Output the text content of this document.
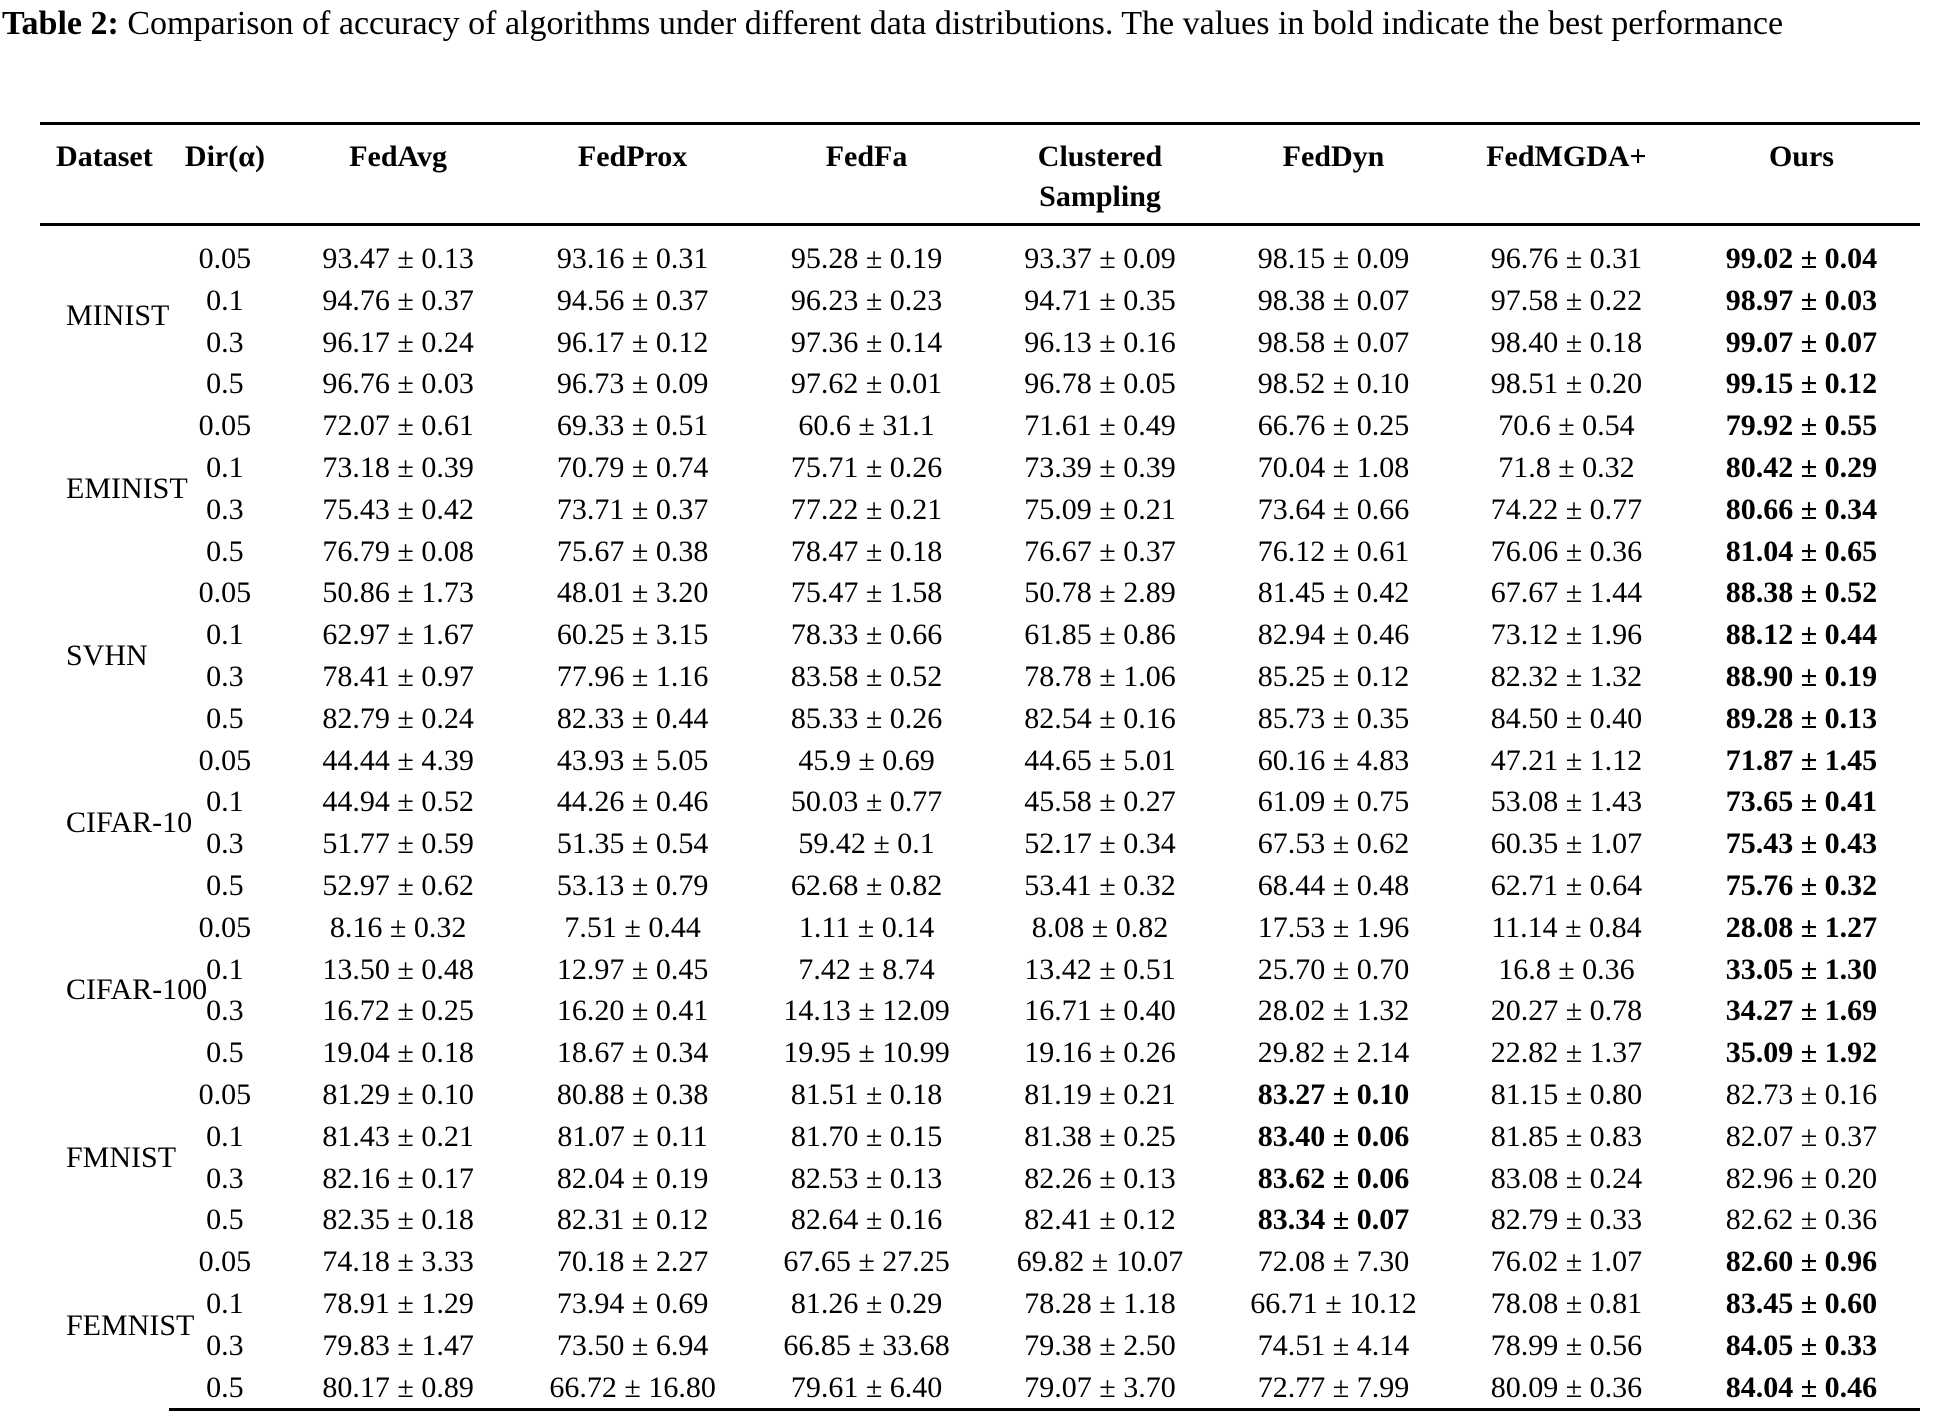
Table 2: Comparison of accuracy of algorithms under different data distributions. The values in bold indicate the best performance
Dataset	Dir(α)	FedAvg	FedProx	FedFa	Clustered Sampling	FedDyn	FedMGDA+	Ours
MINIST	0.05	93.47 ± 0.13	93.16 ± 0.31	95.28 ± 0.19	93.37 ± 0.09	98.15 ± 0.09	96.76 ± 0.31	99.02 ± 0.04
	0.1	94.76 ± 0.37	94.56 ± 0.37	96.23 ± 0.23	94.71 ± 0.35	98.38 ± 0.07	97.58 ± 0.22	98.97 ± 0.03
	0.3	96.17 ± 0.24	96.17 ± 0.12	97.36 ± 0.14	96.13 ± 0.16	98.58 ± 0.07	98.40 ± 0.18	99.07 ± 0.07
	0.5	96.76 ± 0.03	96.73 ± 0.09	97.62 ± 0.01	96.78 ± 0.05	98.52 ± 0.10	98.51 ± 0.20	99.15 ± 0.12
EMINIST	0.05	72.07 ± 0.61	69.33 ± 0.51	60.6 ± 31.1	71.61 ± 0.49	66.76 ± 0.25	70.6 ± 0.54	79.92 ± 0.55
	0.1	73.18 ± 0.39	70.79 ± 0.74	75.71 ± 0.26	73.39 ± 0.39	70.04 ± 1.08	71.8 ± 0.32	80.42 ± 0.29
	0.3	75.43 ± 0.42	73.71 ± 0.37	77.22 ± 0.21	75.09 ± 0.21	73.64 ± 0.66	74.22 ± 0.77	80.66 ± 0.34
	0.5	76.79 ± 0.08	75.67 ± 0.38	78.47 ± 0.18	76.67 ± 0.37	76.12 ± 0.61	76.06 ± 0.36	81.04 ± 0.65
SVHN	0.05	50.86 ± 1.73	48.01 ± 3.20	75.47 ± 1.58	50.78 ± 2.89	81.45 ± 0.42	67.67 ± 1.44	88.38 ± 0.52
	0.1	62.97 ± 1.67	60.25 ± 3.15	78.33 ± 0.66	61.85 ± 0.86	82.94 ± 0.46	73.12 ± 1.96	88.12 ± 0.44
	0.3	78.41 ± 0.97	77.96 ± 1.16	83.58 ± 0.52	78.78 ± 1.06	85.25 ± 0.12	82.32 ± 1.32	88.90 ± 0.19
	0.5	82.79 ± 0.24	82.33 ± 0.44	85.33 ± 0.26	82.54 ± 0.16	85.73 ± 0.35	84.50 ± 0.40	89.28 ± 0.13
CIFAR-10	0.05	44.44 ± 4.39	43.93 ± 5.05	45.9 ± 0.69	44.65 ± 5.01	60.16 ± 4.83	47.21 ± 1.12	71.87 ± 1.45
	0.1	44.94 ± 0.52	44.26 ± 0.46	50.03 ± 0.77	45.58 ± 0.27	61.09 ± 0.75	53.08 ± 1.43	73.65 ± 0.41
	0.3	51.77 ± 0.59	51.35 ± 0.54	59.42 ± 0.1	52.17 ± 0.34	67.53 ± 0.62	60.35 ± 1.07	75.43 ± 0.43
	0.5	52.97 ± 0.62	53.13 ± 0.79	62.68 ± 0.82	53.41 ± 0.32	68.44 ± 0.48	62.71 ± 0.64	75.76 ± 0.32
CIFAR-100	0.05	8.16 ± 0.32	7.51 ± 0.44	1.11 ± 0.14	8.08 ± 0.82	17.53 ± 1.96	11.14 ± 0.84	28.08 ± 1.27
	0.1	13.50 ± 0.48	12.97 ± 0.45	7.42 ± 8.74	13.42 ± 0.51	25.70 ± 0.70	16.8 ± 0.36	33.05 ± 1.30
	0.3	16.72 ± 0.25	16.20 ± 0.41	14.13 ± 12.09	16.71 ± 0.40	28.02 ± 1.32	20.27 ± 0.78	34.27 ± 1.69
	0.5	19.04 ± 0.18	18.67 ± 0.34	19.95 ± 10.99	19.16 ± 0.26	29.82 ± 2.14	22.82 ± 1.37	35.09 ± 1.92
FMNIST	0.05	81.29 ± 0.10	80.88 ± 0.38	81.51 ± 0.18	81.19 ± 0.21	83.27 ± 0.10	81.15 ± 0.80	82.73 ± 0.16
	0.1	81.43 ± 0.21	81.07 ± 0.11	81.70 ± 0.15	81.38 ± 0.25	83.40 ± 0.06	81.85 ± 0.83	82.07 ± 0.37
	0.3	82.16 ± 0.17	82.04 ± 0.19	82.53 ± 0.13	82.26 ± 0.13	83.62 ± 0.06	83.08 ± 0.24	82.96 ± 0.20
	0.5	82.35 ± 0.18	82.31 ± 0.12	82.64 ± 0.16	82.41 ± 0.12	83.34 ± 0.07	82.79 ± 0.33	82.62 ± 0.36
FEMNIST	0.05	74.18 ± 3.33	70.18 ± 2.27	67.65 ± 27.25	69.82 ± 10.07	72.08 ± 7.30	76.02 ± 1.07	82.60 ± 0.96
	0.1	78.91 ± 1.29	73.94 ± 0.69	81.26 ± 0.29	78.28 ± 1.18	66.71 ± 10.12	78.08 ± 0.81	83.45 ± 0.60
	0.3	79.83 ± 1.47	73.50 ± 6.94	66.85 ± 33.68	79.38 ± 2.50	74.51 ± 4.14	78.99 ± 0.56	84.05 ± 0.33
	0.5	80.17 ± 0.89	66.72 ± 16.80	79.61 ± 6.40	79.07 ± 3.70	72.77 ± 7.99	80.09 ± 0.36	84.04 ± 0.46
